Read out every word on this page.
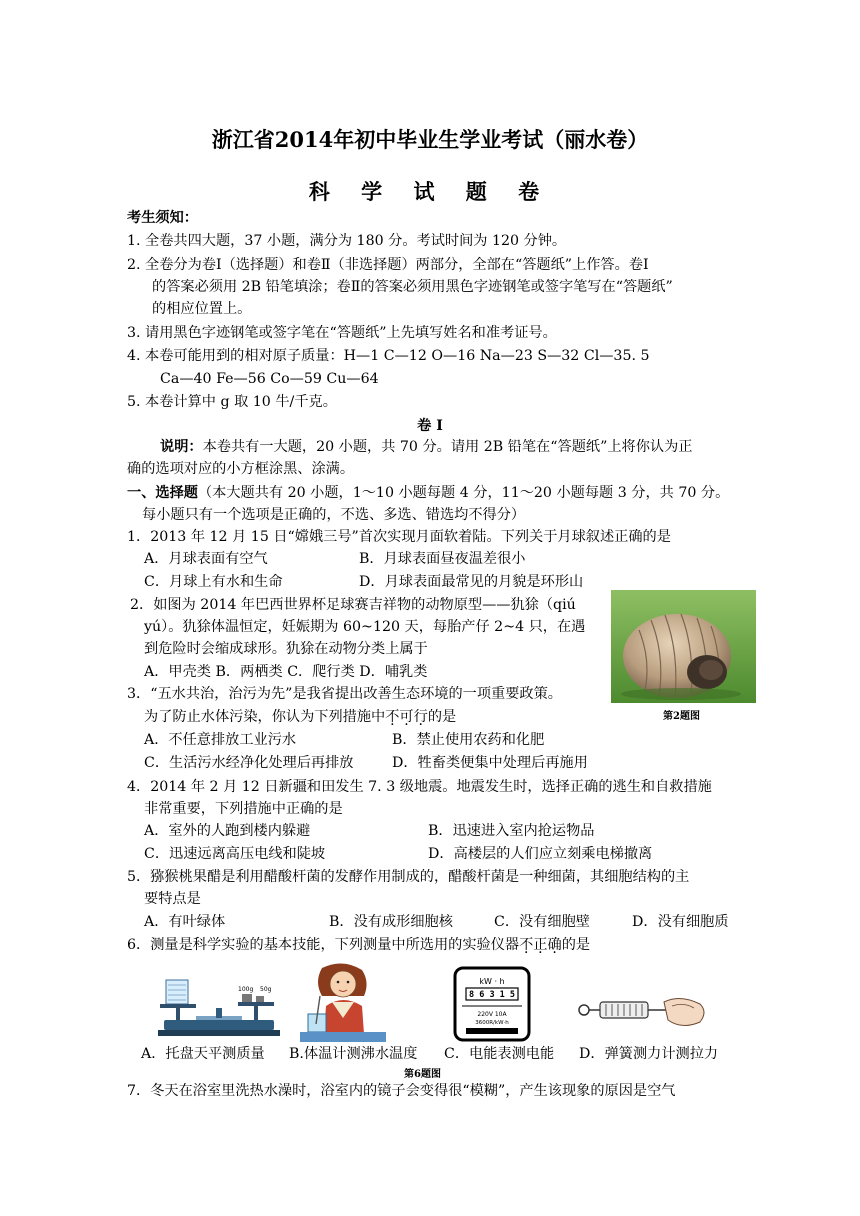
浙江省2014年初中毕业生学业考试（丽水卷）
科 学 试 题 卷
考生须知：
1. 全卷共四大题，37 小题，满分为 180 分。考试时间为 120 分钟。
2. 全卷分为卷Ⅰ（选择题）和卷Ⅱ（非选择题）两部分，全部在“答题纸”上作答。卷Ⅰ
的答案必须用 2B 铅笔填涂；卷Ⅱ的答案必须用黑色字迹钢笔或签字笔写在“答题纸”
的相应位置上。
3. 请用黑色字迹钢笔或签字笔在“答题纸”上先填写姓名和准考证号。
4. 本卷可能用到的相对原子质量：H—1 C—12 O—16 Na—23 S—32 Cl—35. 5
Ca—40 Fe—56 Co—59 Cu—64
5. 本卷计算中 g 取 10 牛/千克。
卷 Ⅰ
说明：本卷共有一大题，20 小题，共 70 分。请用 2B 铅笔在“答题纸”上将你认为正
确的选项对应的小方框涂黑、涂满。
一、选择题（本大题共有 20 小题，1～10 小题每题 4 分，11～20 小题每题 3 分，共 70 分。
每小题只有一个选项是正确的，不选、多选、错选均不得分）
1．2013 年 12 月 15 日“嫦娥三号”首次实现月面软着陆。下列关于月球叙述正确的是
A．月球表面有空气	B．月球表面昼夜温差很小
C．月球上有水和生命	D．月球表面最常见的月貌是环形山
2．如图为 2014 年巴西世界杯足球赛吉祥物的动物原型——犰狳（qiú
yú）。犰狳体温恒定，妊娠期为 60~120 天，每胎产仔 2~4 只，在遇
到危险时会缩成球形。犰狳在动物分类上属于
A．甲壳类 B．两栖类 C．爬行类 D．哺乳类
第2题图
3．“五水共治，治污为先”是我省提出改善生态环境的一项重要政策。
为了防止水体污染，你认为下列措施中不可行的是
A．不任意排放工业污水	B．禁止使用农药和化肥
C．生活污水经净化处理后再排放	D．牲畜类便集中处理后再施用
4．2014 年 2 月 12 日新疆和田发生 7. 3 级地震。地震发生时，选择正确的逃生和自救措施
非常重要，下列措施中正确的是
A．室外的人跑到楼内躲避	B．迅速进入室内抢运物品
C．迅速远离高压电线和陡坡	D．高楼层的人们应立刻乘电梯撤离
5．猕猴桃果醋是利用醋酸杆菌的发酵作用制成的，醋酸杆菌是一种细菌，其细胞结构的主
要特点是
A．有叶绿体	B．没有成形细胞核	C．没有细胞壁	D．没有细胞质
6．测量是科学实验的基本技能，下列测量中所选用的实验仪器不正确的是
100g 50g
kW · h
8 6 3 1 5
220V 10A
3600R/kW·h
A．托盘天平测质量 B.体温计测沸水温度 C．电能表测电能 D．弹簧测力计测拉力
第6题图
7．冬天在浴室里洗热水澡时，浴室内的镜子会变得很“模糊”，产生该现象的原因是空气
